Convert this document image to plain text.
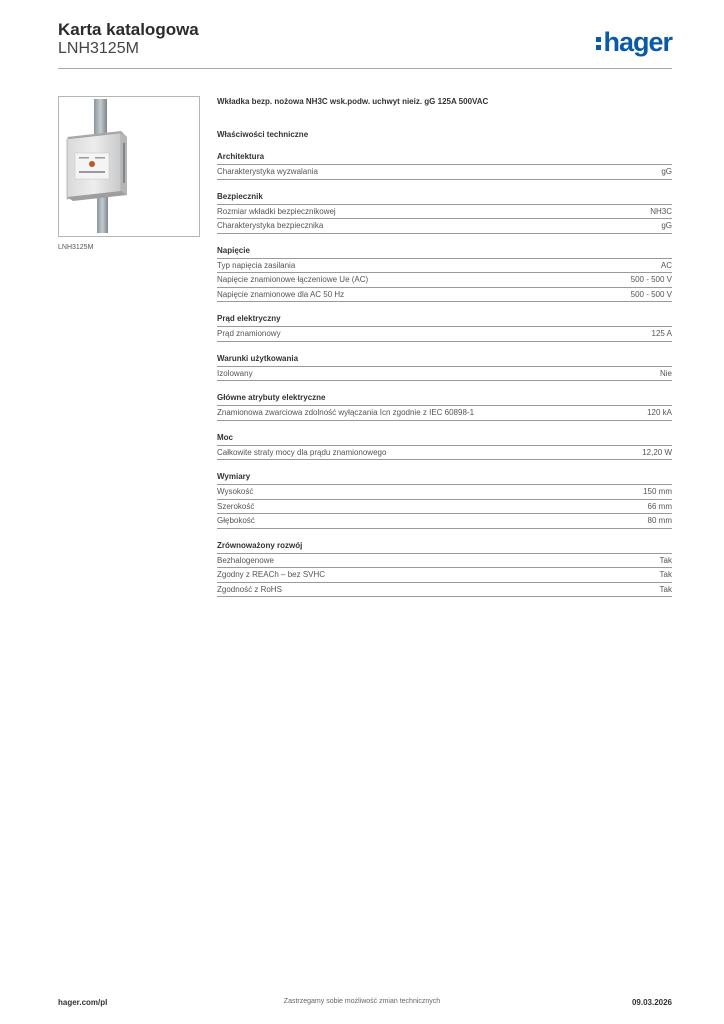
Karta katalogowa
LNH3125M	hager
LNH3125M
Wkładka bezp. nożowa NH3C wsk.podw. uchwyt nieiz. gG 125A 500VAC
Właściwości techniczne
Architektura
Charakterystyka wyzwalania	gG
Bezpiecznik
Rozmiar wkładki bezpiecznikowej	NH3C
Charakterystyka bezpiecznika	gG
Napięcie
Typ napięcia zasilania	AC
Napięcie znamionowe łączeniowe Ue (AC)	500 - 500 V
Napięcie znamionowe dla AC 50 Hz	500 - 500 V
Prąd elektryczny
Prąd znamionowy	125 A
Warunki użytkowania
Izolowany	Nie
Główne atrybuty elektryczne
Znamionowa zwarciowa zdolność wyłączania Icn zgodnie z IEC 60898-1	120 kA
Moc
Całkowite straty mocy dla prądu znamionowego	12,20 W
Wymiary
Wysokość	150 mm
Szerokość	66 mm
Głębokość	80 mm
Zrównoważony rozwój
Bezhalogenowe	Tak
Zgodny z REACh – bez SVHC	Tak
Zgodność z RoHS	Tak
hager.com/pl	Zastrzegamy sobie możliwość zmian technicznych	09.03.2026
